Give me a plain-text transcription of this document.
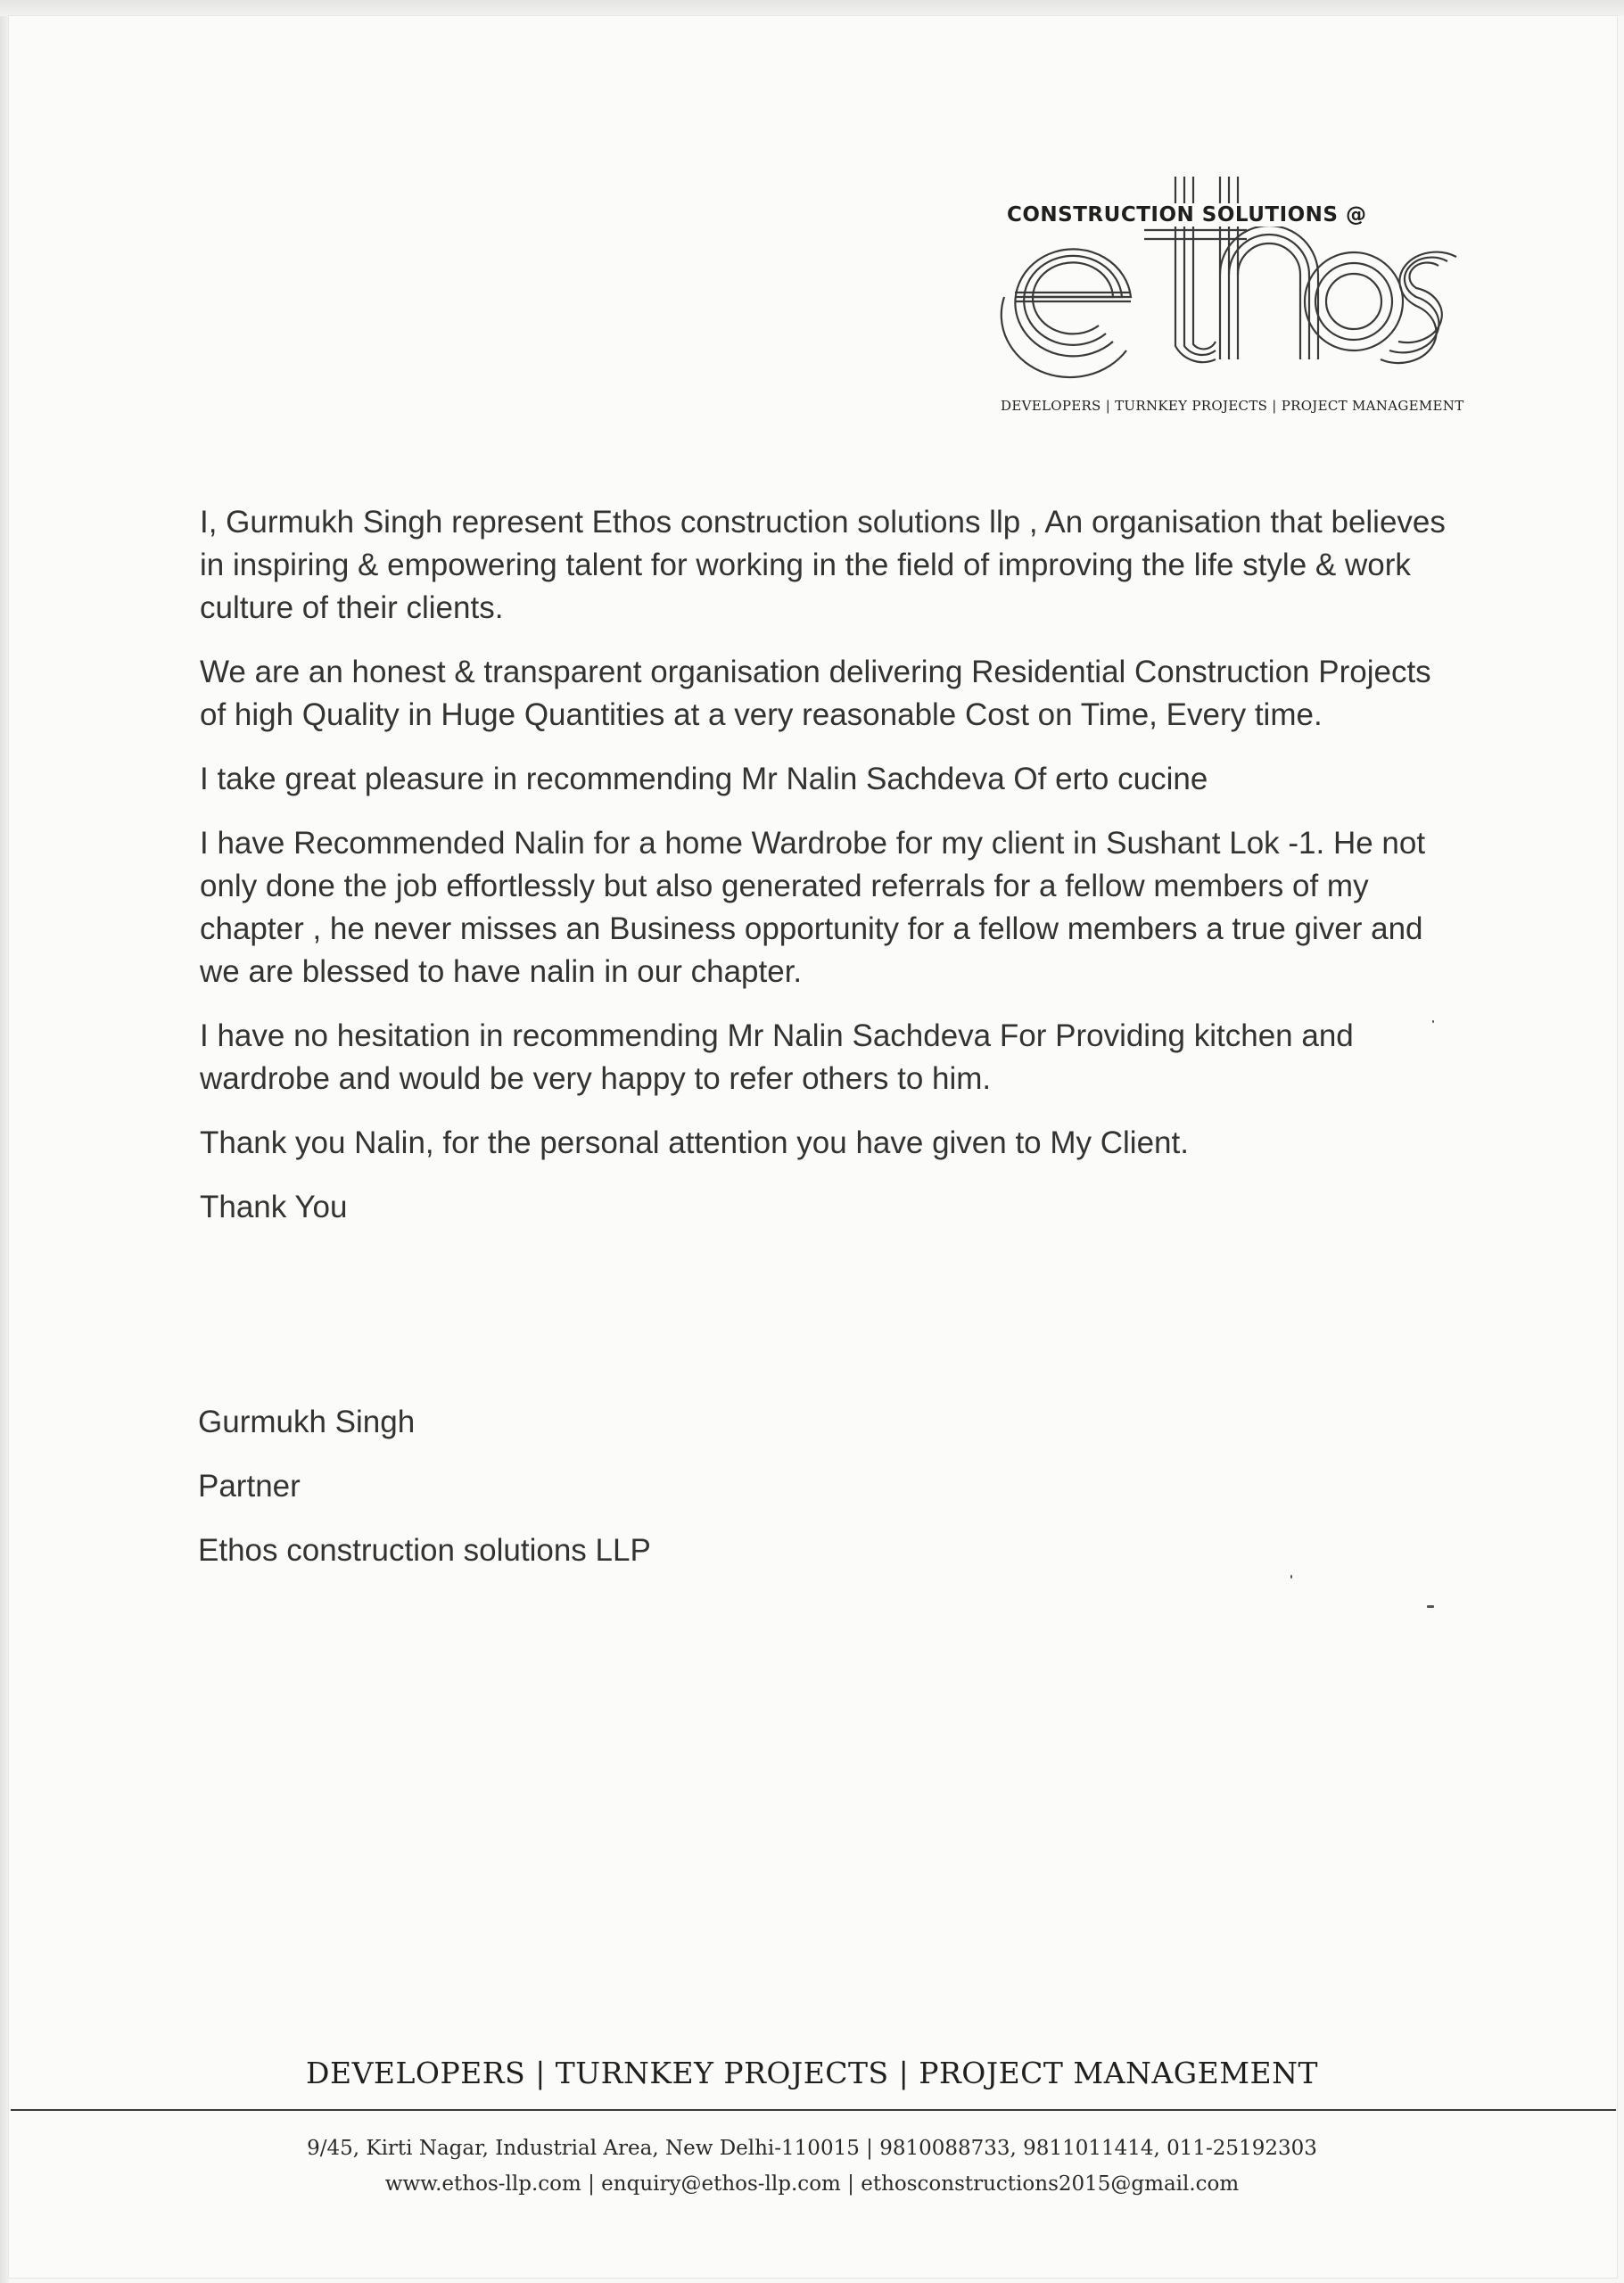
CONSTRUCTION SOLUTIONS @
DEVELOPERS | TURNKEY PROJECTS | PROJECT MANAGEMENT

I, Gurmukh Singh represent Ethos construction solutions llp , An organisation that believes in inspiring & empowering talent for working in the field of improving the life style & work culture of their clients.

We are an honest & transparent organisation delivering Residential Construction Projects of high Quality in Huge Quantities at a very reasonable Cost on Time, Every time.

I take great pleasure in recommending Mr Nalin Sachdeva Of erto cucine

I have Recommended Nalin for a home Wardrobe for my client in Sushant Lok -1. He not only done the job effortlessly but also generated referrals for a fellow members of my chapter , he never misses an Business opportunity for a fellow members a true giver and we are blessed to have nalin in our chapter.

I have no hesitation in recommending Mr Nalin Sachdeva For Providing kitchen and wardrobe and would be very happy to refer others to him.

Thank you Nalin, for the personal attention you have given to My Client.

Thank You

Gurmukh Singh
Partner
Ethos construction solutions LLP
DEVELOPERS | TURNKEY PROJECTS | PROJECT MANAGEMENT
9/45, Kirti Nagar, Industrial Area, New Delhi-110015 | 9810088733, 9811011414, 011-25192303
www.ethos-llp.com | enquiry@ethos-llp.com | ethosconstructions2015@gmail.com
